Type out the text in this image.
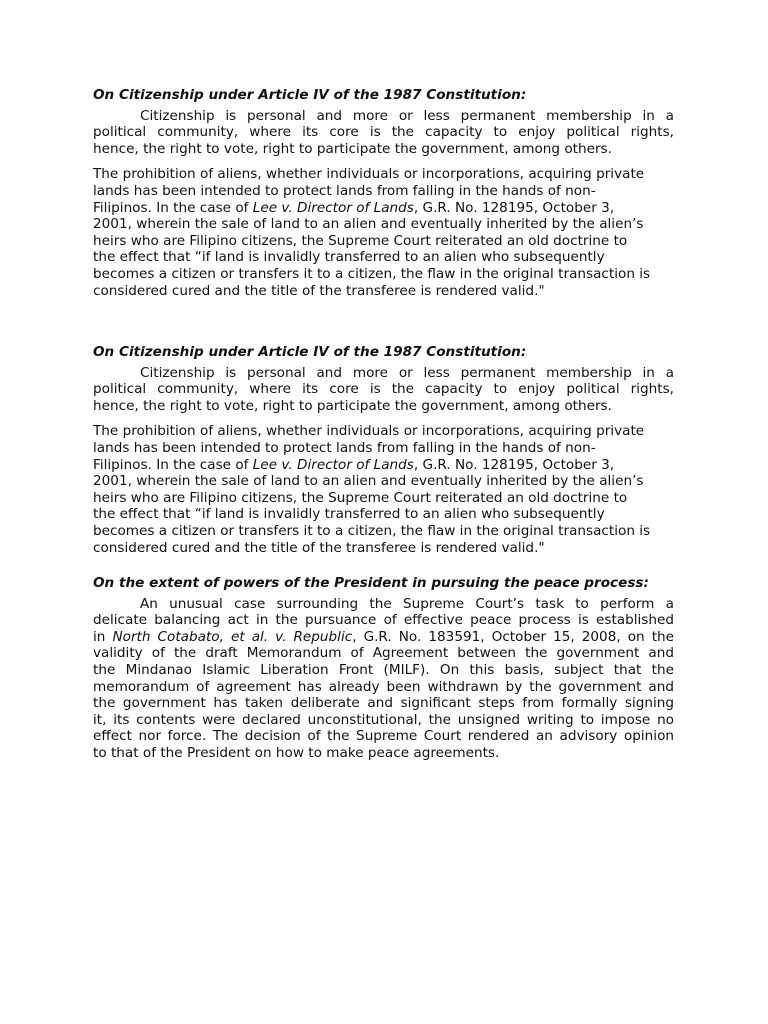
On Citizenship under Article IV of the 1987 Constitution:

Citizenship is personal and more or less permanent membership in a
political community, where its core is the capacity to enjoy political rights,
hence, the right to vote, right to participate the government, among others.

The prohibition of aliens, whether individuals or incorporations, acquiring private
lands has been intended to protect lands from falling in the hands of non-
Filipinos. In the case of Lee v. Director of Lands, G.R. No. 128195, October 3,
2001, wherein the sale of land to an alien and eventually inherited by the alien’s
heirs who are Filipino citizens, the Supreme Court reiterated an old doctrine to
the effect that “if land is invalidly transferred to an alien who subsequently
becomes a citizen or transfers it to a citizen, the flaw in the original transaction is
considered cured and the title of the transferee is rendered valid."

On Citizenship under Article IV of the 1987 Constitution:

Citizenship is personal and more or less permanent membership in a
political community, where its core is the capacity to enjoy political rights,
hence, the right to vote, right to participate the government, among others.

The prohibition of aliens, whether individuals or incorporations, acquiring private
lands has been intended to protect lands from falling in the hands of non-
Filipinos. In the case of Lee v. Director of Lands, G.R. No. 128195, October 3,
2001, wherein the sale of land to an alien and eventually inherited by the alien’s
heirs who are Filipino citizens, the Supreme Court reiterated an old doctrine to
the effect that “if land is invalidly transferred to an alien who subsequently
becomes a citizen or transfers it to a citizen, the flaw in the original transaction is
considered cured and the title of the transferee is rendered valid."

On the extent of powers of the President in pursuing the peace process:

An unusual case surrounding the Supreme Court’s task to perform a
delicate balancing act in the pursuance of effective peace process is established
in North Cotabato, et al. v. Republic, G.R. No. 183591, October 15, 2008, on the
validity of the draft Memorandum of Agreement between the government and
the Mindanao Islamic Liberation Front (MILF). On this basis, subject that the
memorandum of agreement has already been withdrawn by the government and
the government has taken deliberate and significant steps from formally signing
it, its contents were declared unconstitutional, the unsigned writing to impose no
effect nor force. The decision of the Supreme Court rendered an advisory opinion
to that of the President on how to make peace agreements.
